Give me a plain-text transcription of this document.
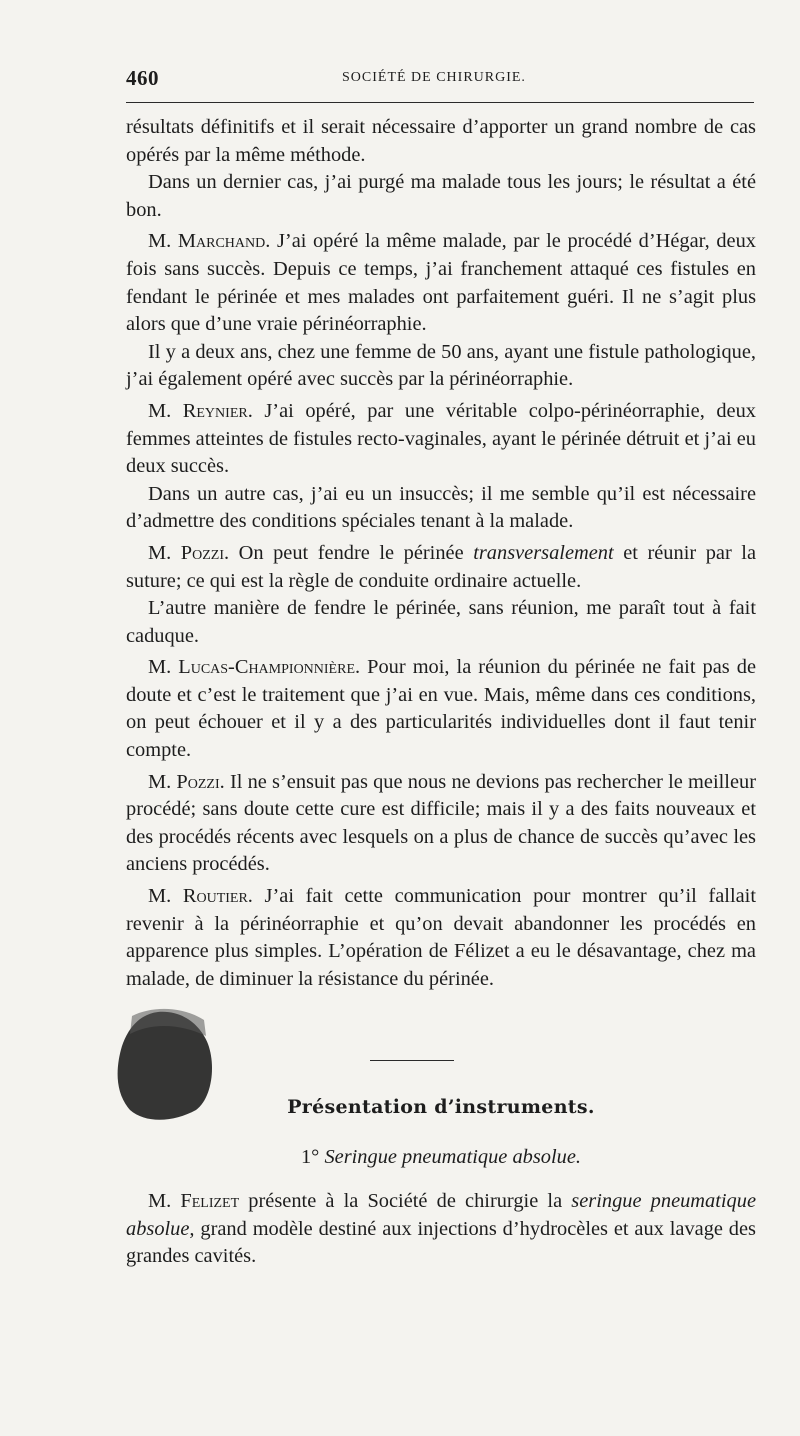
460	SOCIÉTÉ DE CHIRURGIE.

résultats définitifs et il serait nécessaire d’apporter un grand nombre de cas opérés par la même méthode.

Dans un dernier cas, j’ai purgé ma malade tous les jours; le résultat a été bon.

M. Marchand. J’ai opéré la même malade, par le procédé d’Hégar, deux fois sans succès. Depuis ce temps, j’ai franchement attaqué ces fistules en fendant le périnée et mes malades ont parfaitement guéri. Il ne s’agit plus alors que d’une vraie périnéorraphie.

Il y a deux ans, chez une femme de 50 ans, ayant une fistule pathologique, j’ai également opéré avec succès par la périnéorraphie.

M. Reynier. J’ai opéré, par une véritable colpo-périnéorraphie, deux femmes atteintes de fistules recto-vaginales, ayant le périnée détruit et j’ai eu deux succès.

Dans un autre cas, j’ai eu un insuccès; il me semble qu’il est nécessaire d’admettre des conditions spéciales tenant à la malade.

M. Pozzi. On peut fendre le périnée transversalement et réunir par la suture; ce qui est la règle de conduite ordinaire actuelle.

L’autre manière de fendre le périnée, sans réunion, me paraît tout à fait caduque.

M. Lucas-Championnière. Pour moi, la réunion du périnée ne fait pas de doute et c’est le traitement que j’ai en vue. Mais, même dans ces conditions, on peut échouer et il y a des particularités individuelles dont il faut tenir compte.

M. Pozzi. Il ne s’ensuit pas que nous ne devions pas rechercher le meilleur procédé; sans doute cette cure est difficile; mais il y a des faits nouveaux et des procédés récents avec lesquels on a plus de chance de succès qu’avec les anciens procédés.

M. Routier. J’ai fait cette communication pour montrer qu’il fallait revenir à la périnéorraphie et qu’on devait abandonner les procédés en apparence plus simples. L’opération de Félizet a eu le désavantage, chez ma malade, de diminuer la résistance du périnée.

Présentation d’instruments.
1° Seringue pneumatique absolue.

M. Felizet présente à la Société de chirurgie la seringue pneumatique absolue, grand modèle destiné aux injections d’hydrocèles et aux lavage des grandes cavités.
